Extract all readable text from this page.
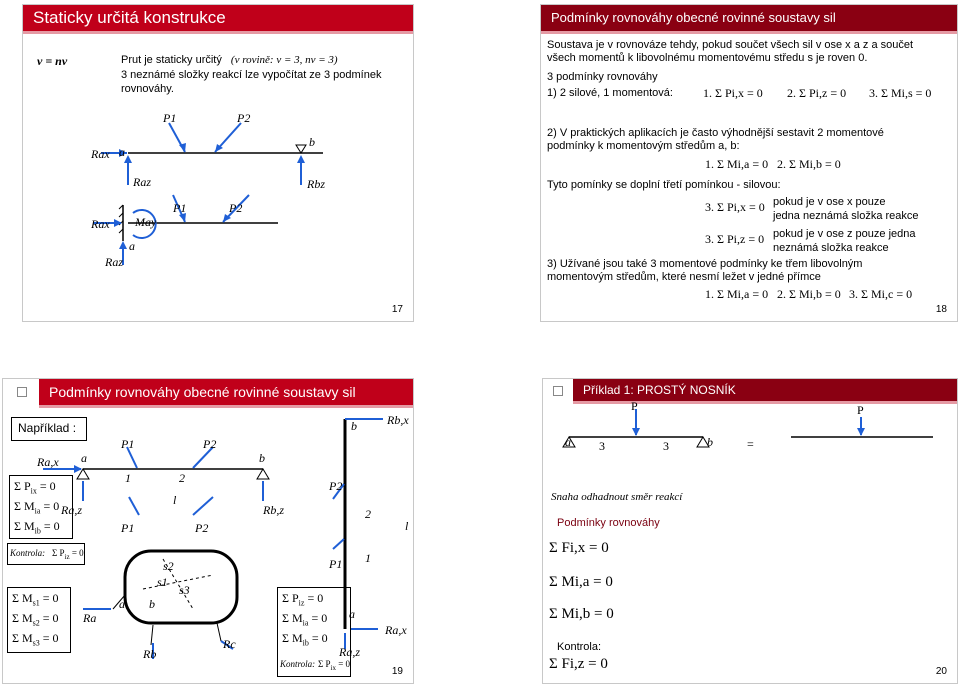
Staticky určitá konstrukce
v = nv	Prut je staticky určitý (v rovině: v = 3, nv = 3)
3 neznámé složky reakcí lze vypočítat ze 3 podmínek
rovnováhy.
P1	P2
Rax a
b
Raz	Rbz
P1	P2
Rax May
a
Raz
17
Podmínky rovnováhy obecné rovinné soustavy sil
Soustava je v rovnováze tehdy, pokud součet všech sil v ose x a z a součet
všech momentů k libovolnému momentovému středu s je roven 0.
3 podmínky rovnováhy
1) 2 silové, 1 momentová:	1. Σ Pi,x = 0 2. Σ Pi,z = 0 3. Σ Mi,s = 0
2) V praktických aplikacích je často výhodnější sestavit 2 momentové
podmínky k momentovým středům a, b:
1. Σ Mi,a = 0 2. Σ Mi,b = 0
Tyto pomínky se doplní třetí pomínkou - silovou:
3. Σ Pi,x = 0 pokud je v ose x pouze
jedna neznámá složka reakce
3. Σ Pi,z = 0 pokud je v ose z pouze jedna
neznámá složka reakce
3) Užívané jsou také 3 momentové podmínky ke třem libovolným
momentovým středům, které nesmí ležet v jedné přímce
1. Σ Mi,a = 0 2. Σ Mi,b = 0 3. Σ Mi,c = 0
18
Podmínky rovnováhy obecné rovinné soustavy sil
Například :
Σ $P_{ix} = 0$
Σ $M_{ia} = 0$
Σ $M_{ib} = 0$
Kontrola: Σ $P_{iz} = 0$
Σ $M_{s1} = 0$
Σ $M_{s2} = 0$
Σ $M_{s3} = 0$
Σ $P_{iz} = 0$
Σ $M_{ia} = 0$
Σ $M_{ib} = 0$
Kontrola: Σ $P_{ix} = 0$
Ra,x a
P1	P2
b
1	2
l
Ra,z	Rb,z
P1	P2
b	Rb,x
P2
2
l
P1 1
a
Ra,x
Ra,z
s2
s1
s3
a b
Ra
Rb
Rc
19
Příklad 1: PROSTÝ NOSNÍK
a 3
P
3	b	=
P
Snaha odhadnout směr reakcí
Podmínky rovnováhy
Σ Fi,x = 0
Σ Mi,a = 0
Σ Mi,b = 0
Kontrola:
Σ Fi,z = 0	20
